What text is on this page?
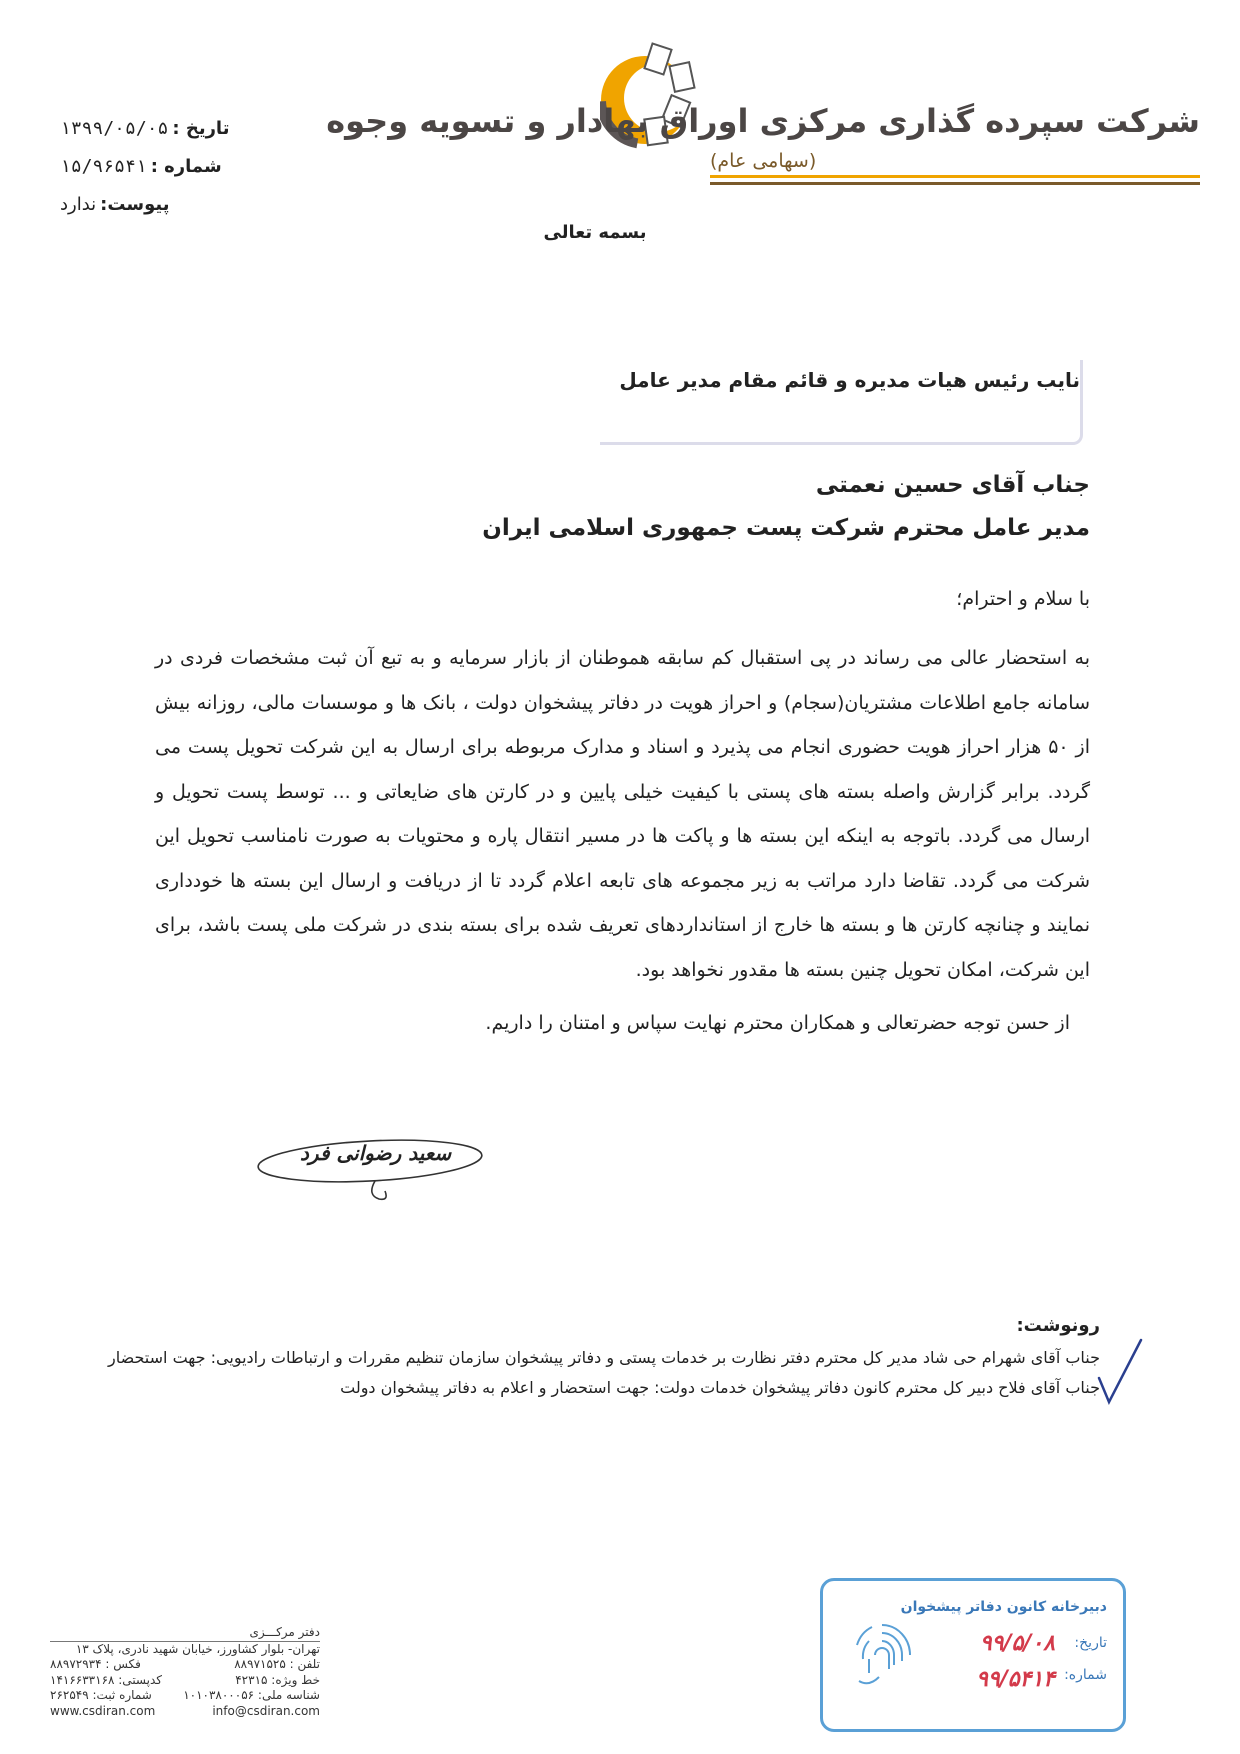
شرکت سپرده گذاری مرکزی اوراق بهادار و تسویه وجوه
(سهامی عام)
تاریخ :
۱۳۹۹/۰۵/۰۵
شماره :
۱۵/۹۶۵۴۱
پیوست:
ندارد
بسمه تعالی
نایب رئیس هیات مدیره و قائم مقام مدیر عامل
جناب آقای حسین نعمتی
مدیر عامل محترم شرکت پست جمهوری اسلامی ایران
با سلام و احترام؛
به استحضار عالی می رساند در پی استقبال کم سابقه هموطنان از بازار سرمایه و به تبع آن ثبت مشخصات فردی در سامانه جامع اطلاعات مشتریان(سجام) و احراز هویت در دفاتر پیشخوان دولت ، بانک ها و موسسات مالی، روزانه بیش از ۵۰ هزار احراز هویت حضوری انجام می پذیرد و اسناد و مدارک مربوطه برای ارسال به این شرکت تحویل پست می گردد. برابر گزارش واصله بسته های پستی با کیفیت خیلی پایین و در کارتن های ضایعاتی و ... توسط پست تحویل و ارسال می گردد. باتوجه به اینکه این بسته ها و پاکت ها در مسیر انتقال پاره و محتویات به صورت نامناسب تحویل این شرکت می گردد. تقاضا دارد مراتب به زیر مجموعه های تابعه اعلام گردد تا از دریافت و ارسال این بسته ها خودداری نمایند و چنانچه کارتن ها و بسته ها خارج از استانداردهای تعریف شده برای بسته بندی در شرکت ملی پست باشد، برای این شرکت، امکان تحویل چنین بسته ها مقدور نخواهد بود.
از حسن توجه حضرتعالی و همکاران محترم نهایت سپاس و امتنان را داریم.
سعید رضوانی فرد
رونوشت:
جناب آقای شهرام حی شاد مدیر کل محترم دفتر نظارت بر خدمات پستی و دفاتر پیشخوان سازمان تنظیم مقررات و ارتباطات رادیویی: جهت استحضار
جناب آقای فلاح دبیر کل محترم کانون دفاتر پیشخوان خدمات دولت: جهت استحضار و اعلام به دفاتر پیشخوان دولت
دفتر مرکـــزی
تهران- بلوار کشاورز، خیابان شهید نادری، پلاک ۱۳
تلفن : ۸۸۹۷۱۵۲۵
فکس : ۸۸۹۷۲۹۳۴
خط ویژه: ۴۲۳۱۵
کدپستی: ۱۴۱۶۶۳۳۱۶۸
شناسه ملی: ۱۰۱۰۳۸۰۰۰۵۶
شماره ثبت: ۲۶۲۵۴۹
www.csdiran.com	info@csdiran.com
دبیرخانه کانون دفاتر پیشخوان
تاریخ:
شماره:
۹۹/۵/۰۸
۹۹/۵۴۱۴
